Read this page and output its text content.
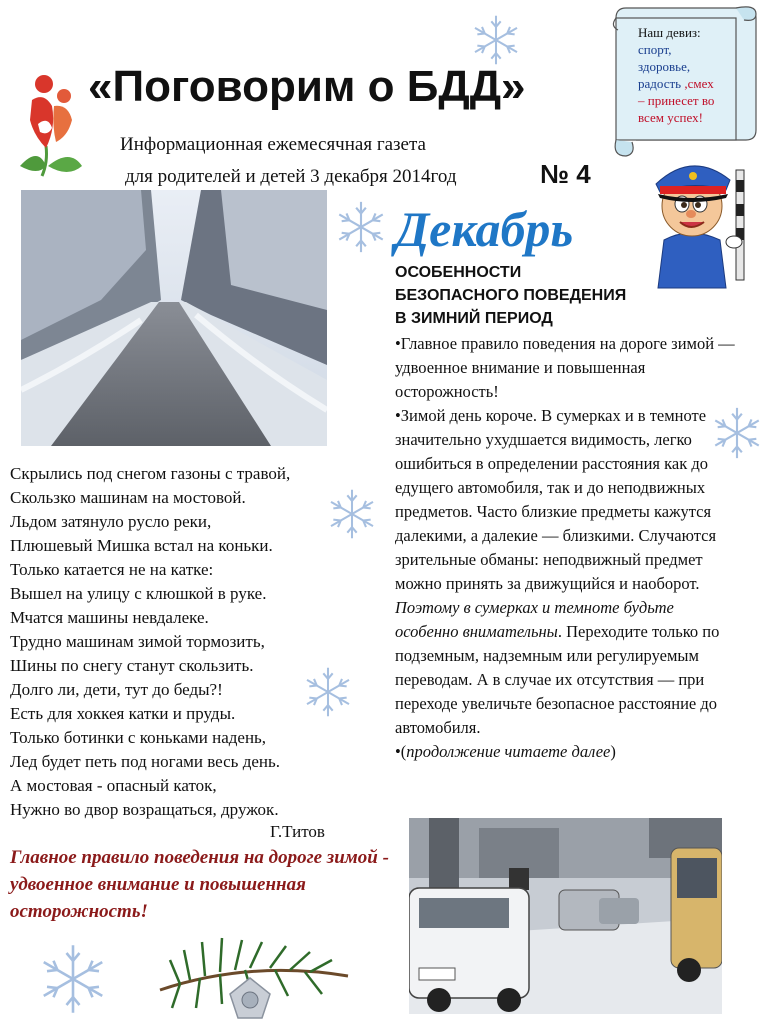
«Поговорим о БДД»
Информационная ежемесячная газета
для родителей и детей 3 декабря 2014год	№ 4
Наш девиз:
спорт,
здоровье,
радость ,смех
– принесет во
всем успех!
Декабрь
ОСОБЕННОСТИ
БЕЗОПАСНОГО ПОВЕДЕНИЯ
В ЗИМНИЙ ПЕРИОД

•Главное правило поведения на дороге зимой — удвоенное внимание и повышенная осторожность!

•Зимой день короче. В сумерках и в темноте значительно ухудшается видимость, легко ошибиться в определении расстояния как до едущего автомобиля, так и до неподвижных предметов. Часто близкие предметы кажутся далекими, а далекие — близкими. Случаются зрительные обманы: неподвижный предмет можно принять за движущийся и наоборот.

Поэтому в сумерках и темноте будьте особенно внимательны. Переходите только по подземным, надземным или регулируемым переводам. А в случае их отсутствия — при переходе увеличьте безопасное расстояние до автомобиля.

•(продолжение читаете далее)

Скрылись под снегом газоны с травой,
Скользко машинам на мостовой.
Льдом затянуло русло реки,
Плюшевый Мишка встал на коньки.
Только катается не на катке:
Вышел на улицу с клюшкой в руке.
Мчатся машины невдалеке.
Трудно машинам зимой тормозить,
Шины по снегу станут скользить.
Долго ли, дети, тут до беды?!
Есть для хоккея катки и пруды.
Только ботинки с коньками надень,
Лед будет петь под ногами весь день.
А мостовая - опасный каток,
Нужно во двор возращаться, дружок.
Г.Титов
Главное правило поведения на дороге зимой - удвоенное внимание и повышенная осторожность!
